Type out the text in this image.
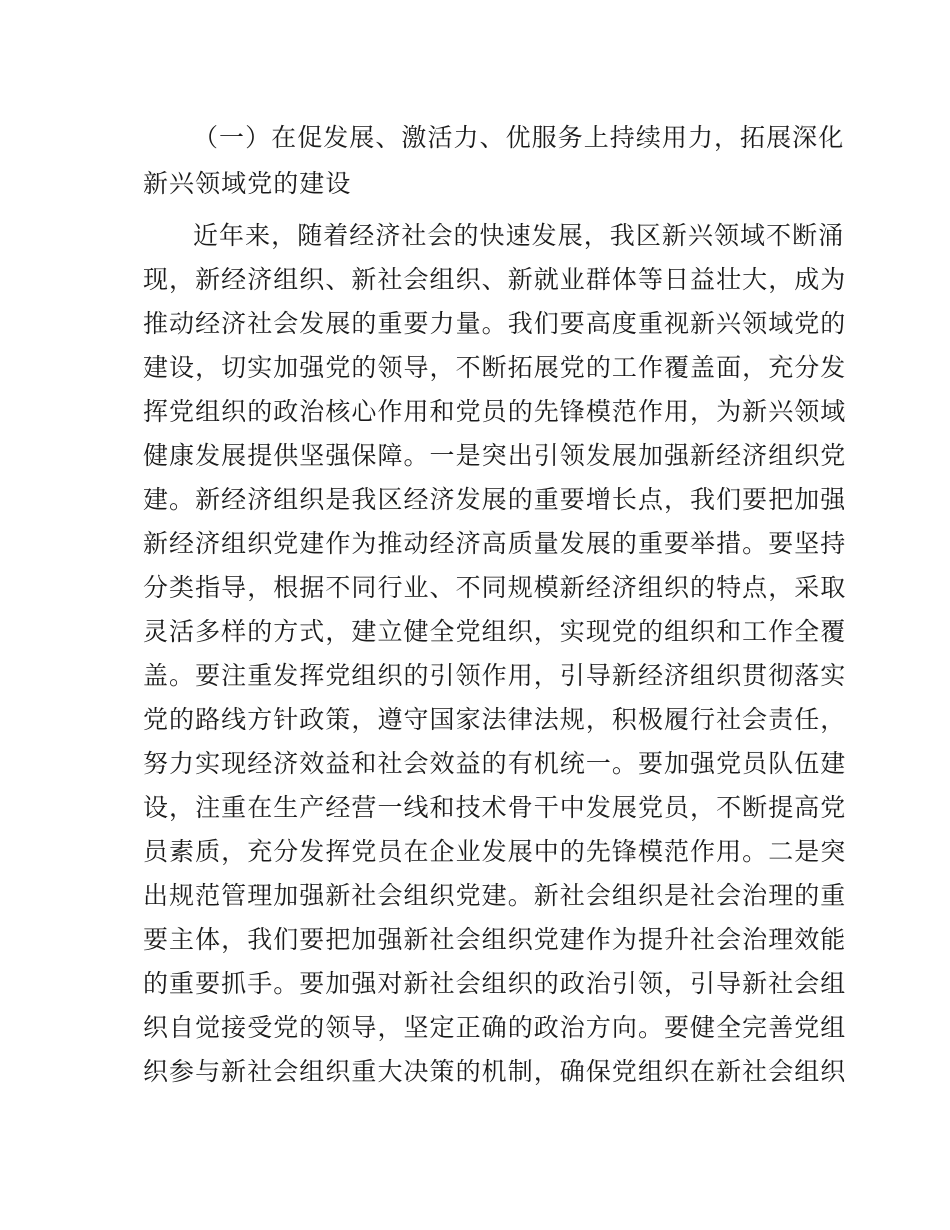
（一）在促发展、激活力、优服务上持续用力，拓展深化
新兴领域党的建设
近年来，随着经济社会的快速发展，我区新兴领域不断涌
现，新经济组织、新社会组织、新就业群体等日益壮大，成为
推动经济社会发展的重要力量。我们要高度重视新兴领域党的
建设，切实加强党的领导，不断拓展党的工作覆盖面，充分发
挥党组织的政治核心作用和党员的先锋模范作用，为新兴领域
健康发展提供坚强保障。一是突出引领发展加强新经济组织党
建。新经济组织是我区经济发展的重要增长点，我们要把加强
新经济组织党建作为推动经济高质量发展的重要举措。要坚持
分类指导，根据不同行业、不同规模新经济组织的特点，采取
灵活多样的方式，建立健全党组织，实现党的组织和工作全覆
盖。要注重发挥党组织的引领作用，引导新经济组织贯彻落实
党的路线方针政策，遵守国家法律法规，积极履行社会责任，
努力实现经济效益和社会效益的有机统一。要加强党员队伍建
设，注重在生产经营一线和技术骨干中发展党员，不断提高党
员素质，充分发挥党员在企业发展中的先锋模范作用。二是突
出规范管理加强新社会组织党建。新社会组织是社会治理的重
要主体，我们要把加强新社会组织党建作为提升社会治理效能
的重要抓手。要加强对新社会组织的政治引领，引导新社会组
织自觉接受党的领导，坚定正确的政治方向。要健全完善党组
织参与新社会组织重大决策的机制，确保党组织在新社会组织
